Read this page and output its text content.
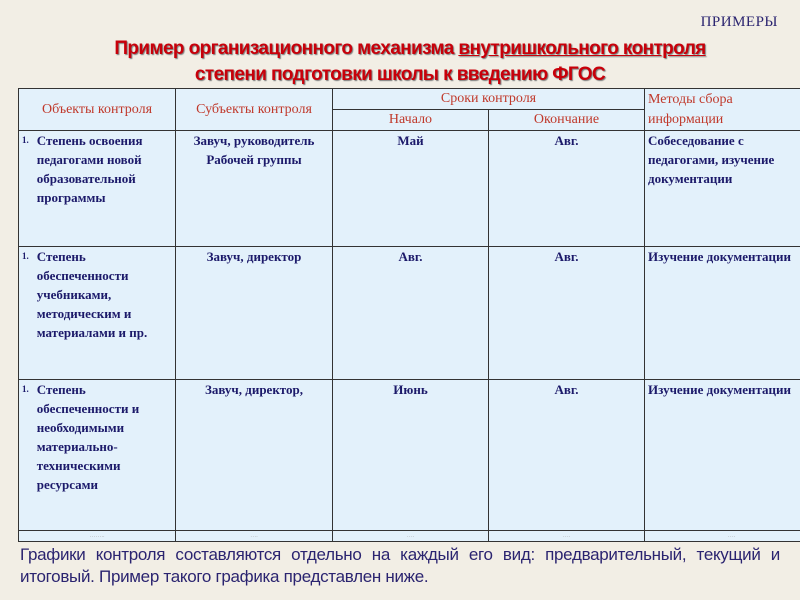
ПРИМЕРЫ
Пример организационного механизма внутришкольного контроля
степени подготовки школы к введению ФГОС
Объекты контроля	Субъекты контроля	Сроки контроля		Методы сбора информации
		Начало	Окончание	

1. Степень освоения педагогами новой образовательной программы	Завуч, руководитель Рабочей группы	Май	Авг.	Собеседование с педагогами, изучение документации

1. Степень обеспеченности учебниками, методическим и материалами и пр.	Завуч, директор	Авг.	Авг.	Изучение документации

1. Степень обеспеченности и необходимыми материально-техническими ресурсами	Завуч, директор,	Июнь	Авг.	Изучение документации
……..	….	….	….	….
Графики контроля составляются отдельно на каждый его вид: предварительный, текущий и итоговый. Пример такого графика представлен ниже.
